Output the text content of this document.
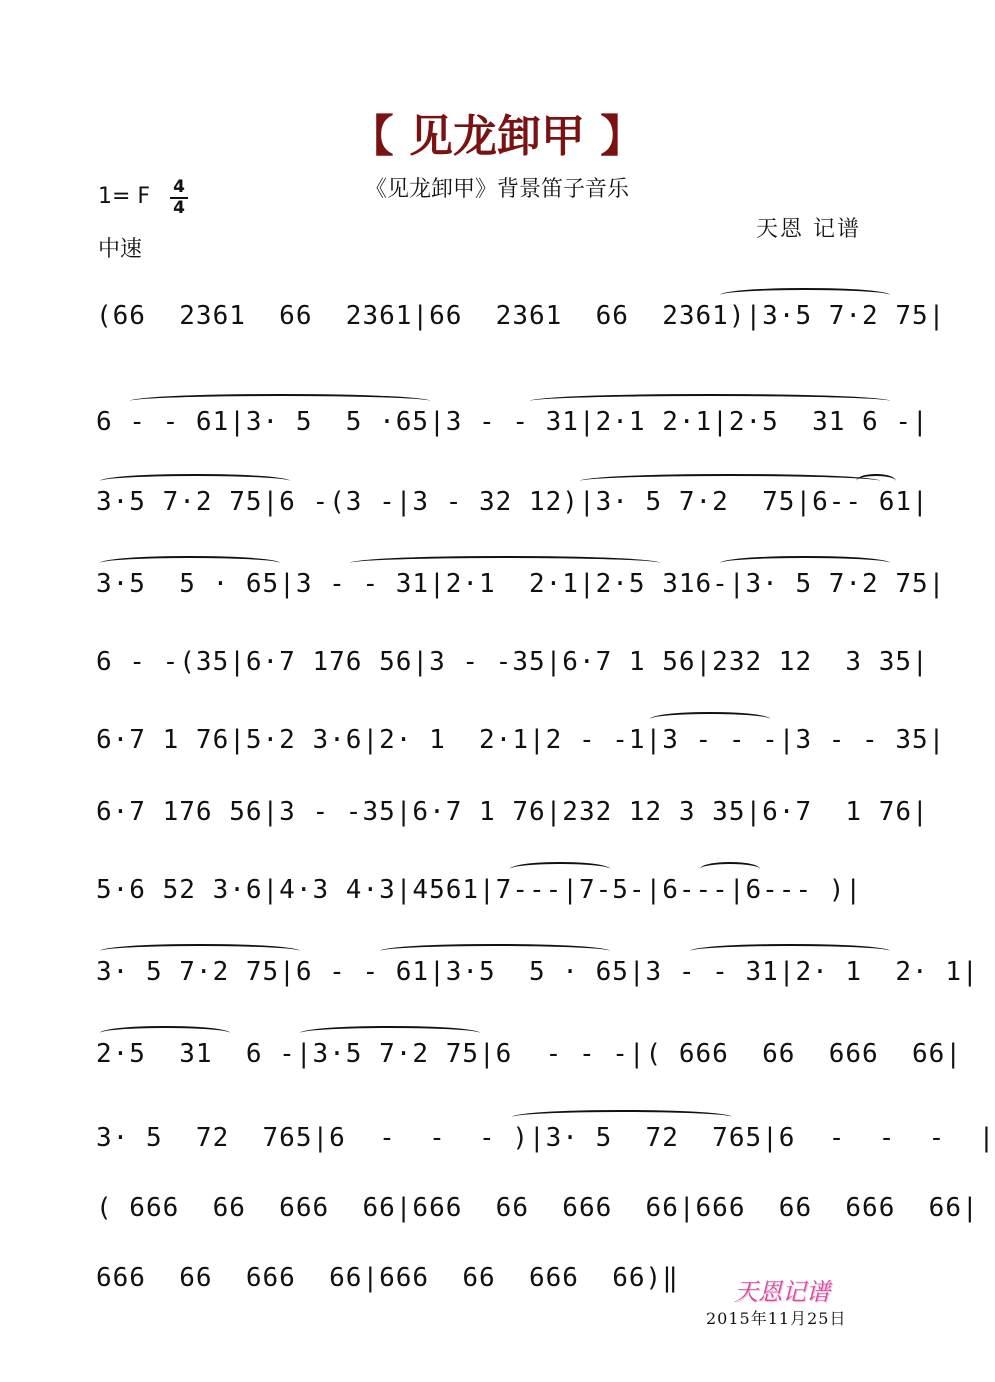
【 见龙卸甲 】
《见龙卸甲》背景笛子音乐
1= F 4
4
中速
天恩 记谱
(66  2361  66  2361|66  2361  66  2361)|3·5 7·2 75|
6 - - 61|3· 5  5 ·65|3 - - 31|2·1 2·1|2·5  31 6 -|
3·5 7·2 75|6 -(3 -|3 - 32 12)|3· 5 7·2  75|6-- 61|
3·5  5 · 65|3 - - 31|2·1  2·1|2·5 316-|3· 5 7·2 75|
6 - -(35|6·7 176 56|3 - -35|6·7 1 56|232 12  3 35|
6·7 1 76|5·2 3·6|2· 1  2·1|2 - -1|3 - - -|3 - - 35|
6·7 176 56|3 - -35|6·7 1 76|232 12 3 35|6·7  1 76|
5·6 52 3·6|4·3 4·3|4561|7---|7-5-|6---|6--- )|
3· 5 7·2 75|6 - - 61|3·5  5 · 65|3 - - 31|2· 1  2· 1|
2·5  31  6 -|3·5 7·2 75|6  - - -|( 666  66  666  66|
3· 5  72  765|6  -  -  - )|3· 5  72  765|6  -  -  -  |
( 666  66  666  66|666  66  666  66|666  66  666  66|
666  66  666  66|666  66  666  66)‖	天恩记谱
2015年11月25日
